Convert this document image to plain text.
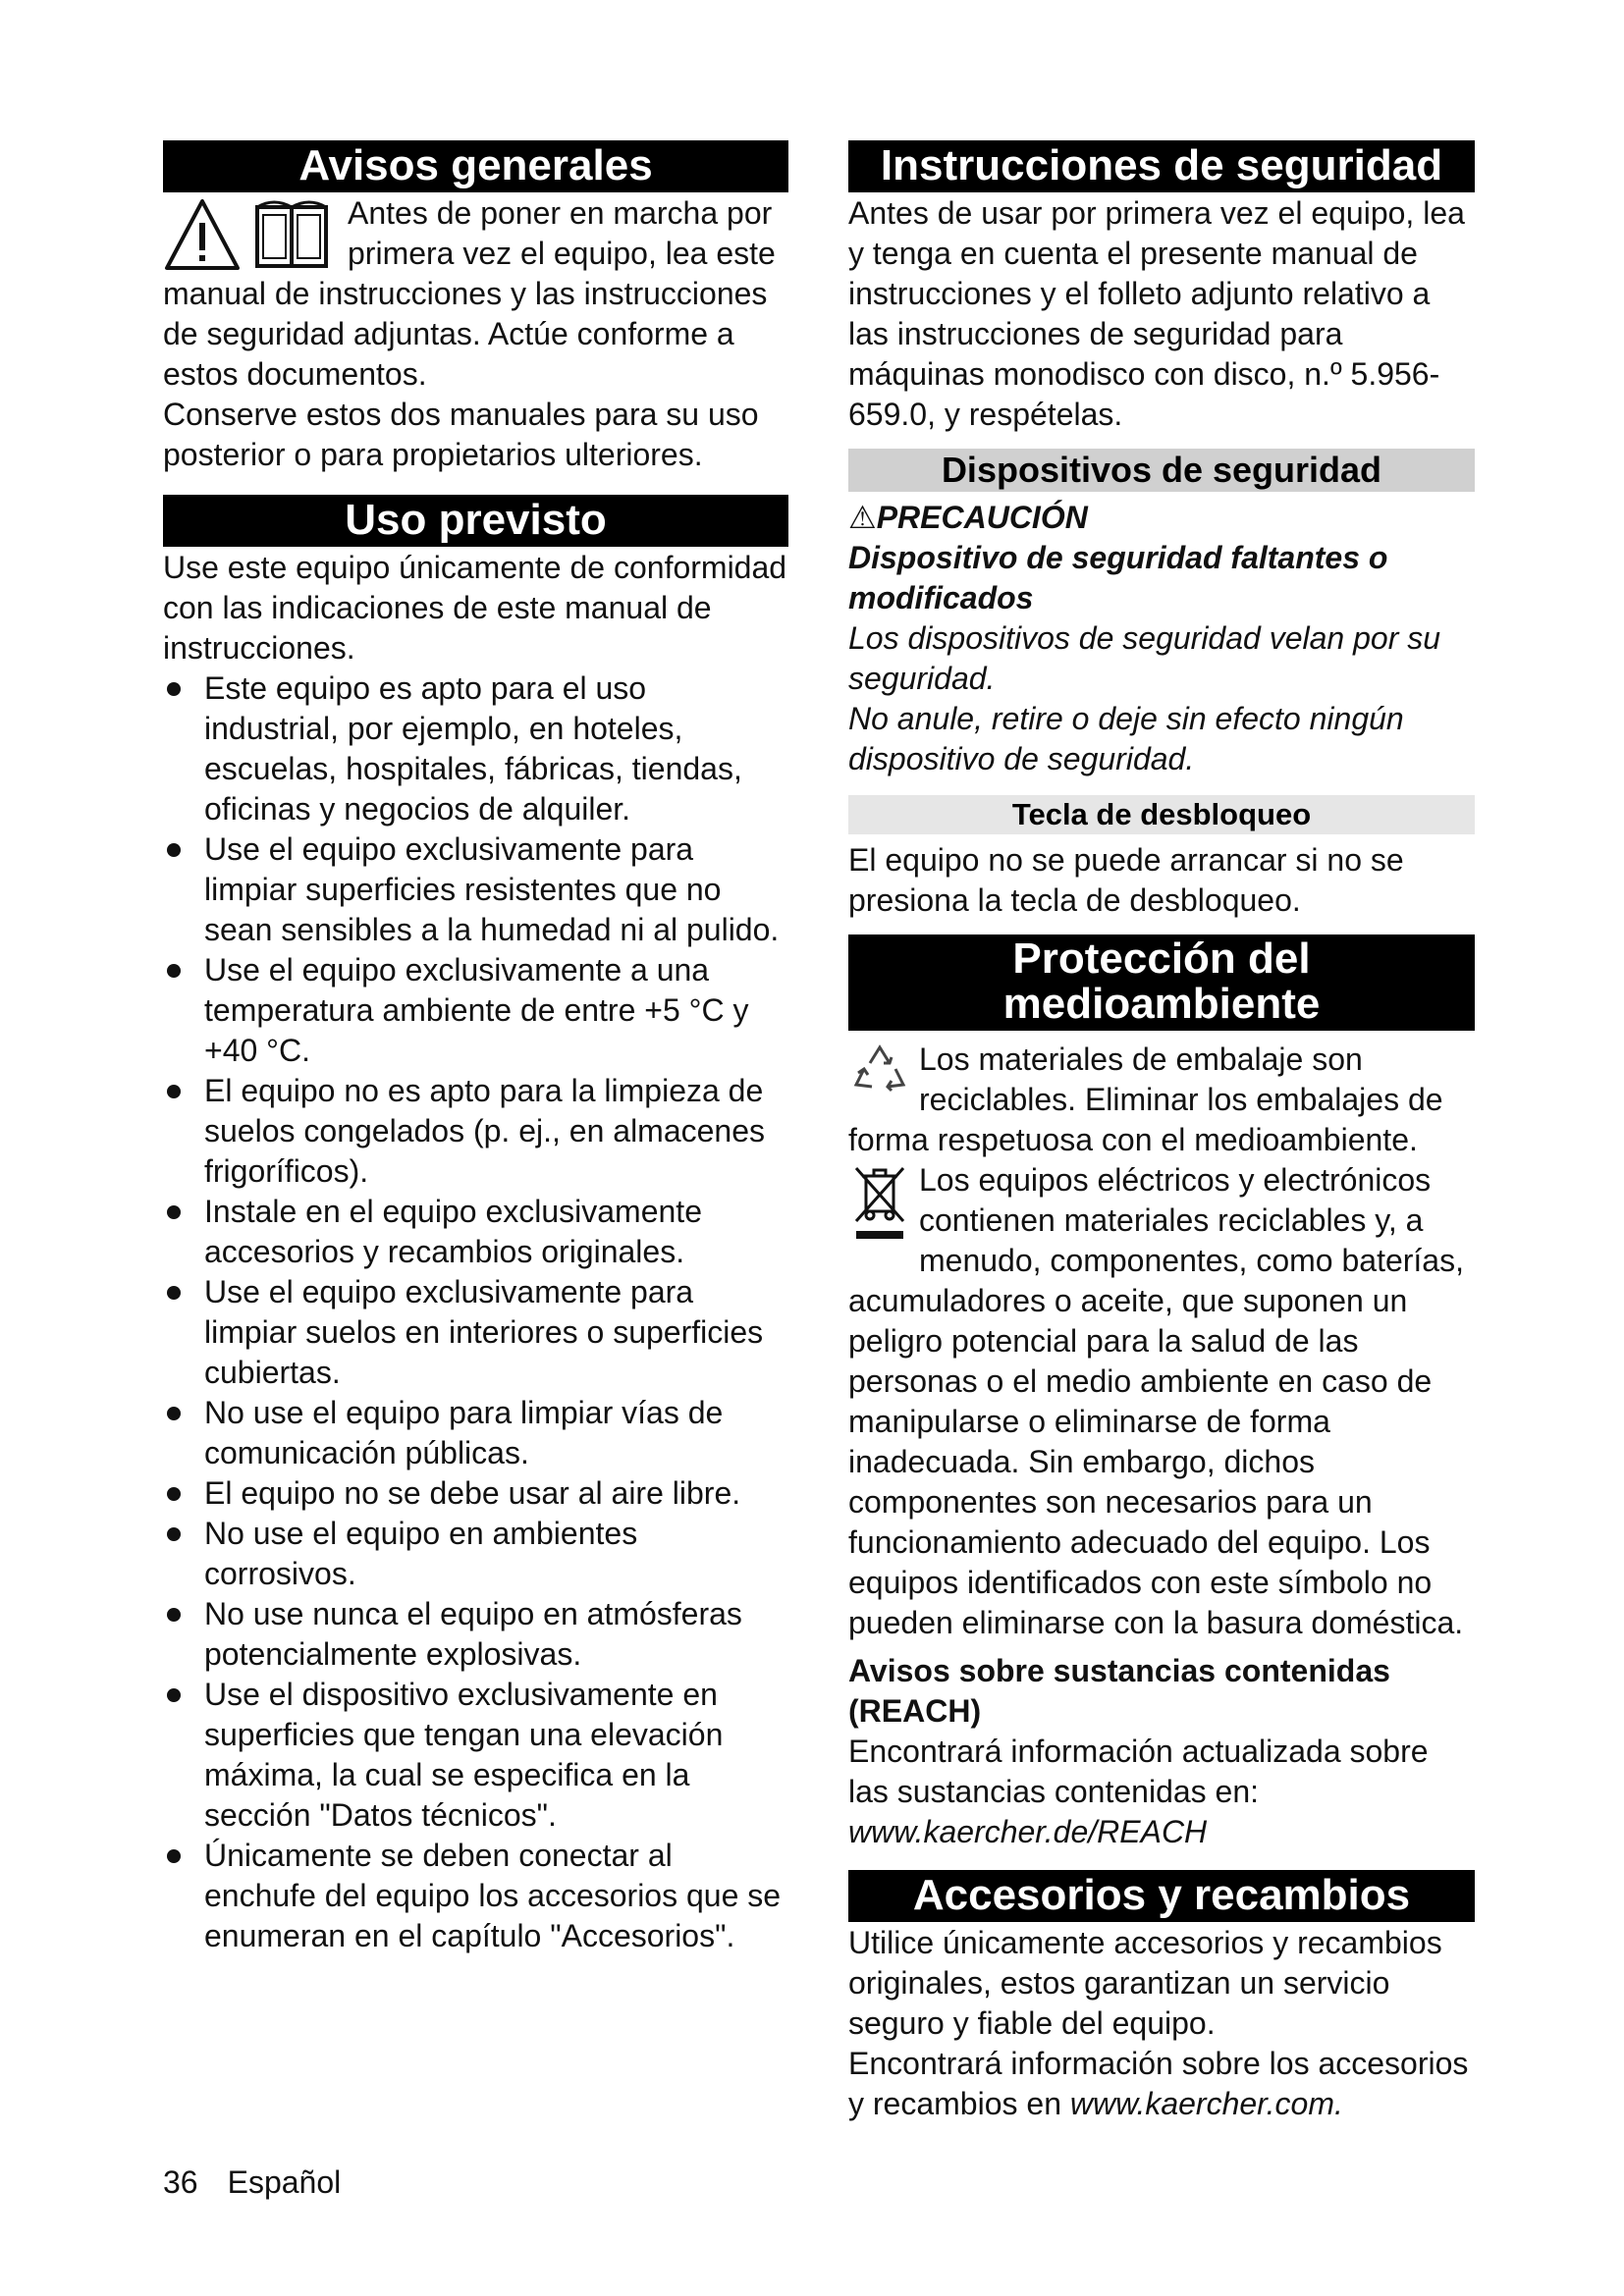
Avisos generales

Antes de poner en marcha por primera vez el equipo, lea este manual de instrucciones y las instrucciones de seguridad adjuntas. Actúe conforme a estos documentos.

Conserve estos dos manuales para su uso posterior o para propietarios ulteriores.

Uso previsto

Use este equipo únicamente de conformidad con las indicaciones de este manual de instrucciones.

Este equipo es apto para el uso industrial, por ejemplo, en hoteles, escuelas, hospitales, fábricas, tiendas, oficinas y negocios de alquiler.
Use el equipo exclusivamente para limpiar superficies resistentes que no sean sensibles a la humedad ni al pulido.
Use el equipo exclusivamente a una temperatura ambiente de entre +5 °C y +40 °C.
El equipo no es apto para la limpieza de suelos congelados (p. ej., en almacenes frigoríficos).
Instale en el equipo exclusivamente accesorios y recambios originales.
Use el equipo exclusivamente para limpiar suelos en interiores o superficies cubiertas.
No use el equipo para limpiar vías de comunicación públicas.
El equipo no se debe usar al aire libre.
No use el equipo en ambientes corrosivos.
No use nunca el equipo en atmósferas potencialmente explosivas.
Use el dispositivo exclusivamente en superficies que tengan una elevación máxima, la cual se especifica en la sección "Datos técnicos".
Únicamente se deben conectar al enchufe del equipo los accesorios que se enumeran en el capítulo "Accesorios".
Instrucciones de seguridad

Antes de usar por primera vez el equipo, lea y tenga en cuenta el presente manual de instrucciones y el folleto adjunto relativo a las instrucciones de seguridad para máquinas monodisco con disco, n.º 5.956-659.0, y respételas.

Dispositivos de seguridad

⚠PRECAUCIÓN

Dispositivo de seguridad faltantes o modificados

Los dispositivos de seguridad velan por su seguridad.

No anule, retire o deje sin efecto ningún dispositivo de seguridad.

Tecla de desbloqueo

El equipo no se puede arrancar si no se presiona la tecla de desbloqueo.

Protección del
medioambiente

Los materiales de embalaje son reciclables. Eliminar los embalajes de forma respetuosa con el medioambiente.

Los equipos eléctricos y electrónicos contienen materiales reciclables y, a menudo, componentes, como baterías, acumuladores o aceite, que suponen un peligro potencial para la salud de las personas o el medio ambiente en caso de manipularse o eliminarse de forma inadecuada. Sin embargo, dichos componentes son necesarios para un funcionamiento adecuado del equipo. Los equipos identificados con este símbolo no pueden eliminarse con la basura doméstica.

Avisos sobre sustancias contenidas (REACH)

Encontrará información actualizada sobre las sustancias contenidas en: www.kaercher.de/REACH

Accesorios y recambios

Utilice únicamente accesorios y recambios originales, estos garantizan un servicio seguro y fiable del equipo.

Encontrará información sobre los accesorios y recambios en www.kaercher.com.

36 Español
